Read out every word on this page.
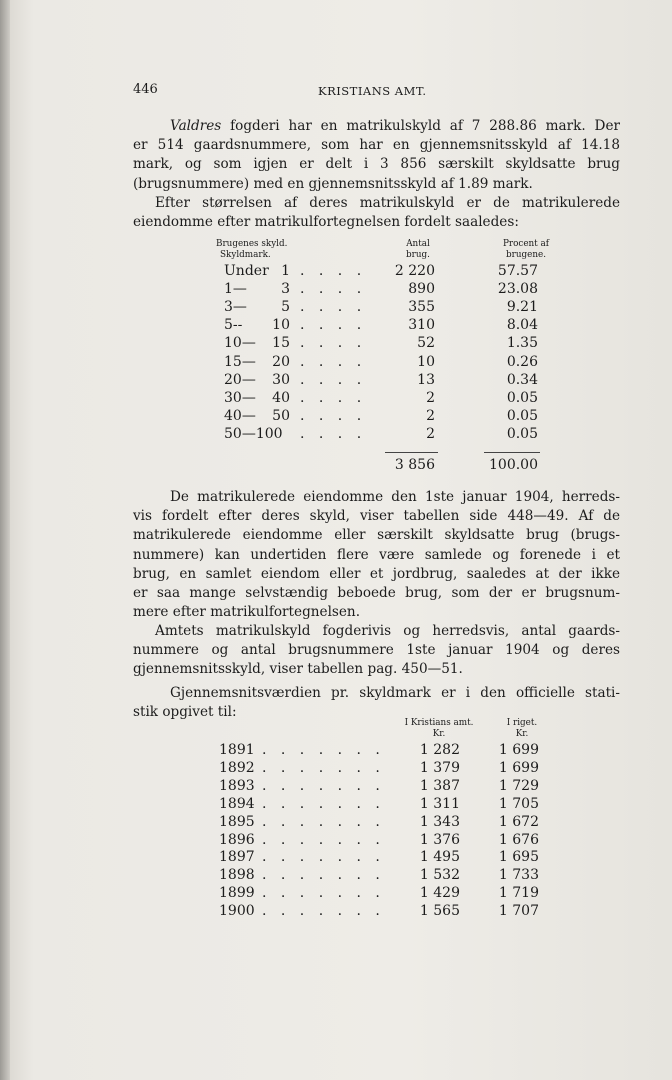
446	KRISTIANS AMT.
Valdres fogderi har en matrikulskyld af 7 288.86 mark. Der
er 514 gaardsnummere, som har en gjennemsnitsskyld af 14.18
mark, og som igjen er delt i 3 856 særskilt skyldsatte brug
(brugsnummere) med en gjennemsnitsskyld af 1.89 mark.
Efter størrelsen af deres matrikulskyld er de matrikulerede
eiendomme efter matrikulfortegnelsen fordelt saaledes:
Brugenes skyld.
Skyldmark.
Antal
brug.
Procent af
brugene.
Under 1 . . . .	2 220	57.57
1— 3 . . . .	890	23.08
3— 5 . . . .	355	9.21
5-- 10 . . . .	310	8.04
10— 15 . . . .	52	1.35
15— 20 . . . .	10	0.26
20— 30 . . . .	13	0.34
30— 40 . . . .	2	0.05
40— 50 . . . .	2	0.05
50—100	. . . .	2	0.05
3 856	100.00
De matrikulerede eiendomme den 1ste januar 1904, herreds-
vis fordelt efter deres skyld, viser tabellen side 448—49. Af de
matrikulerede eiendomme eller særskilt skyldsatte brug (brugs-
nummere) kan undertiden flere være samlede og forenede i et
brug, en samlet eiendom eller et jordbrug, saaledes at der ikke
er saa mange selvstændig beboede brug, som der er brugsnum-
mere efter matrikulfortegnelsen.
Amtets matrikulskyld fogderivis og herredsvis, antal gaards-
nummere og antal brugsnummere 1ste januar 1904 og deres
gjennemsnitsskyld, viser tabellen pag. 450—51.
Gjennemsnitsværdien pr. skyldmark er i den officielle stati-
stik opgivet til:
I Kristians amt.
Kr.
I riget.
Kr.
1891 . . . . . . .	1 282	1 699
1892 . . . . . . .	1 379	1 699
1893 . . . . . . .	1 387	1 729
1894 . . . . . . .	1 311	1 705
1895 . . . . . . .	1 343	1 672
1896 . . . . . . .	1 376	1 676
1897 . . . . . . .	1 495	1 695
1898 . . . . . . .	1 532	1 733
1899 . . . . . . .	1 429	1 719
1900 . . . . . . .	1 565	1 707
